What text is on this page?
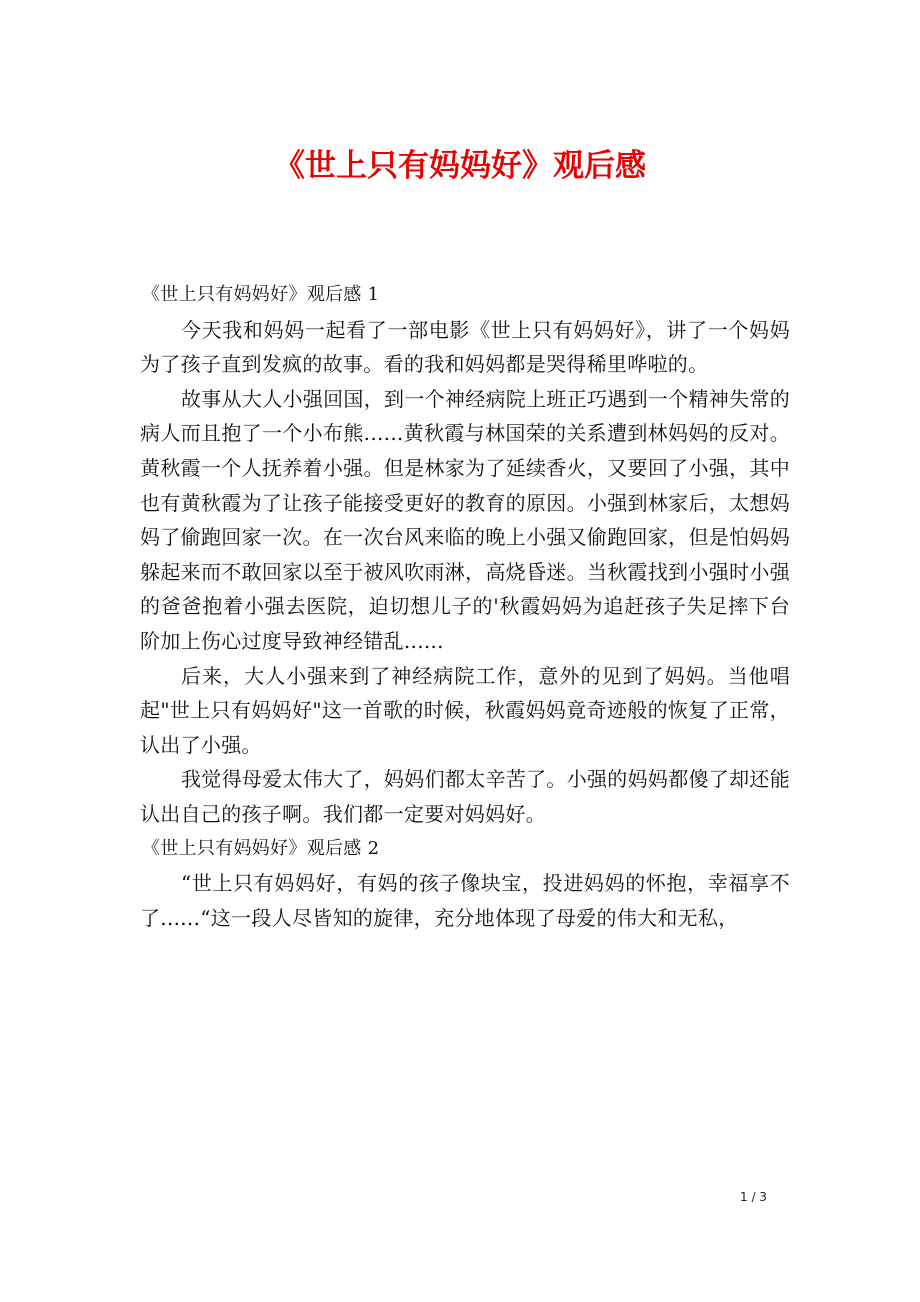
《世上只有妈妈好》观后感

《世上只有妈妈好》观后感 1

今天我和妈妈一起看了一部电影《世上只有妈妈好》，讲了一个妈妈为了孩子直到发疯的故事。看的我和妈妈都是哭得稀里哗啦的。

故事从大人小强回国，到一个神经病院上班正巧遇到一个精神失常的病人而且抱了一个小布熊......黄秋霞与林国荣的关系遭到林妈妈的反对。黄秋霞一个人抚养着小强。但是林家为了延续香火，又要回了小强，其中也有黄秋霞为了让孩子能接受更好的教育的原因。小强到林家后，太想妈妈了偷跑回家一次。在一次台风来临的晚上小强又偷跑回家，但是怕妈妈躲起来而不敢回家以至于被风吹雨淋，高烧昏迷。当秋霞找到小强时小强的爸爸抱着小强去医院，迫切想儿子的'秋霞妈妈为追赶孩子失足摔下台阶加上伤心过度导致神经错乱......

后来，大人小强来到了神经病院工作，意外的见到了妈妈。当他唱起"世上只有妈妈好"这一首歌的时候，秋霞妈妈竟奇迹般的恢复了正常，认出了小强。

我觉得母爱太伟大了，妈妈们都太辛苦了。小强的妈妈都傻了却还能认出自己的孩子啊。我们都一定要对妈妈好。

《世上只有妈妈好》观后感 2

“世上只有妈妈好，有妈的孩子像块宝，投进妈妈的怀抱，幸福享不了......“这一段人尽皆知的旋律，充分地体现了母爱的伟大和无私，

1 / 3
